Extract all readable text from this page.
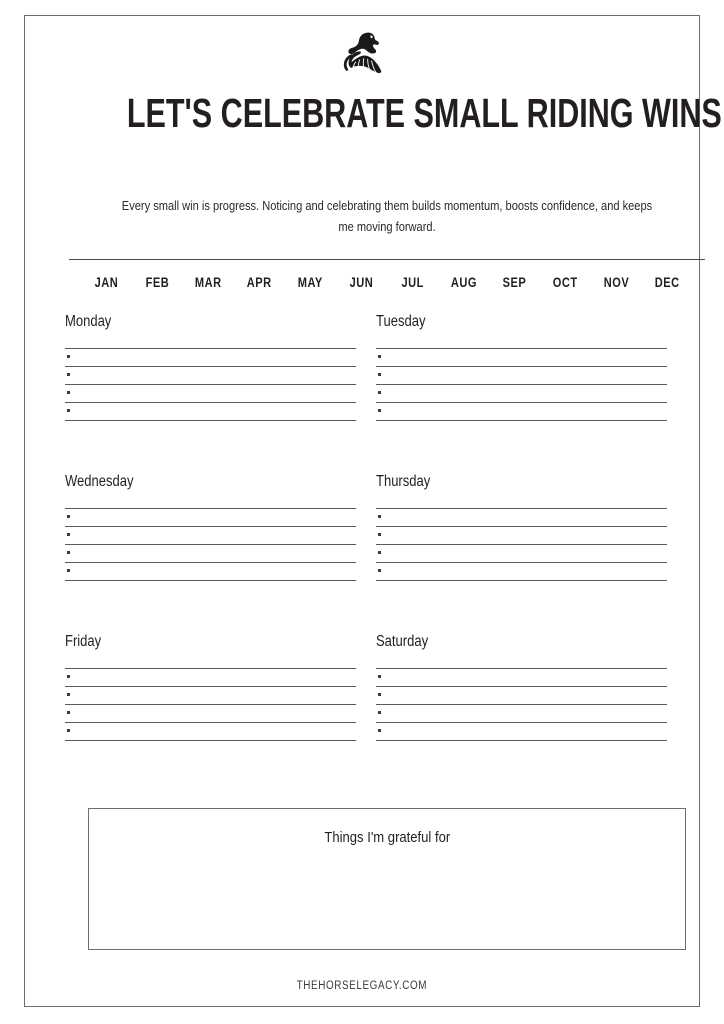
LET'S CELEBRATE SMALL RIDING WINS
Every small win is progress. Noticing and celebrating them builds momentum, boosts confidence, and keeps me moving forward.
JAN	FEB	MAR	APR	MAY	JUN	JUL	AUG	SEP	OCT	NOV	DEC
Monday	Tuesday
Wednesday	Thursday
Friday	Saturday
Things I'm grateful for
THEHORSELEGACY.COM
